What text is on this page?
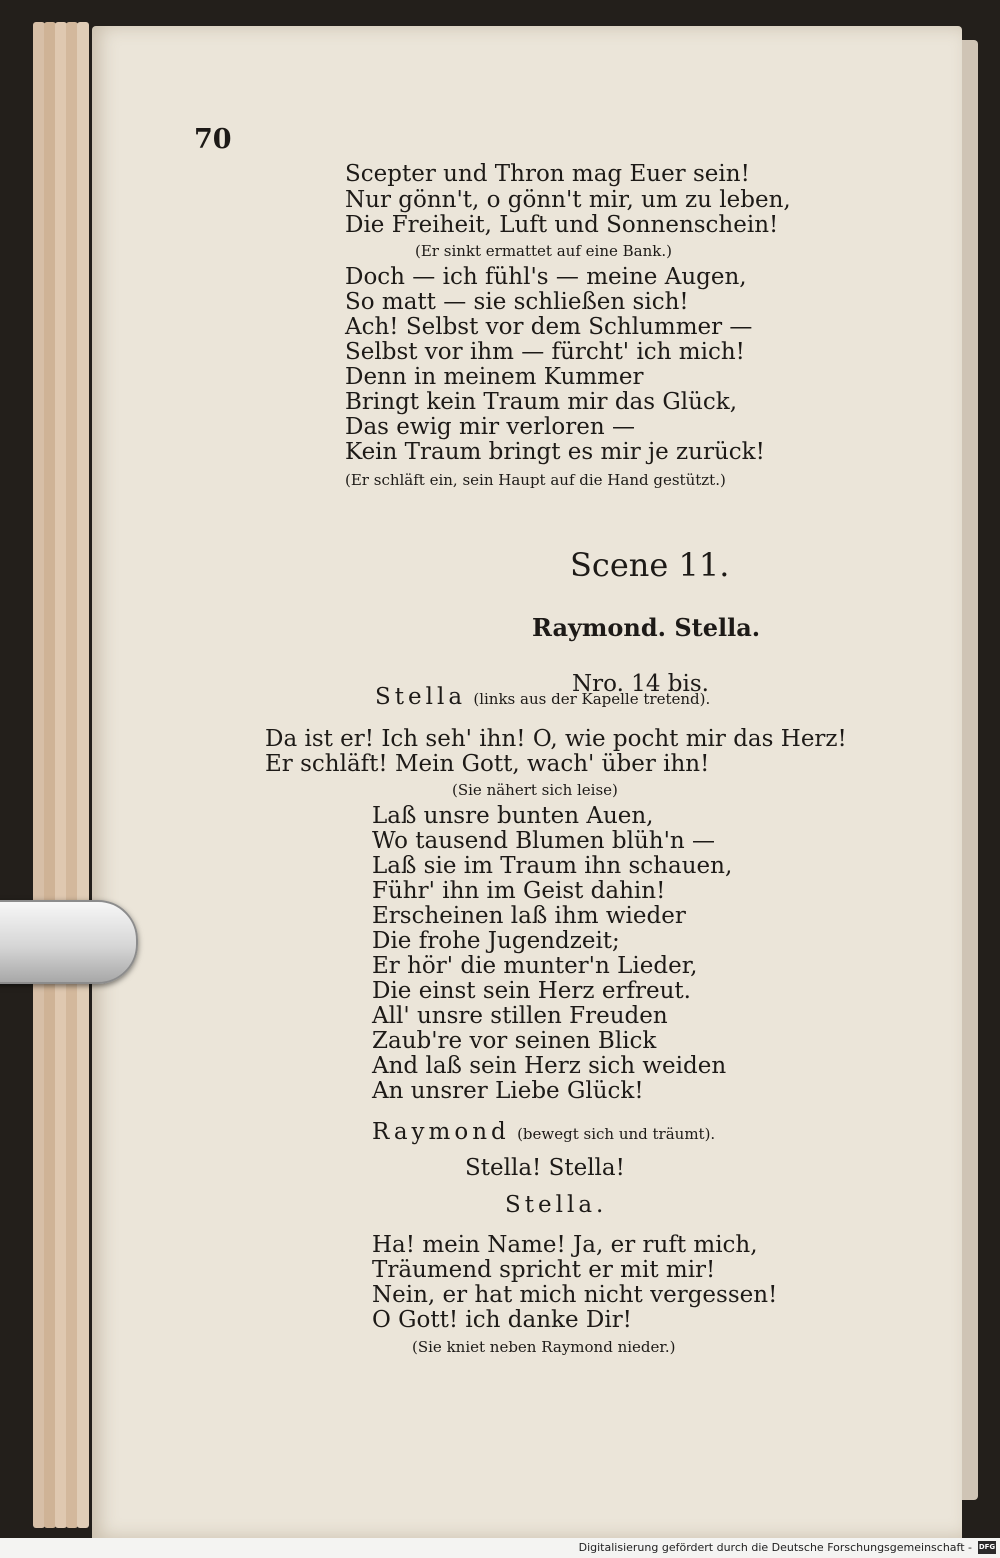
70
Scepter und Thron mag Euer sein!
Nur gönn't, o gönn't mir, um zu leben,
Die Freiheit, Luft und Sonnenschein!
(Er sinkt ermattet auf eine Bank.)
Doch — ich fühl's — meine Augen,
So matt — sie schließen sich!
Ach! Selbst vor dem Schlummer —
Selbst vor ihm — fürcht' ich mich!
Denn in meinem Kummer
Bringt kein Traum mir das Glück,
Das ewig mir verloren —
Kein Traum bringt es mir je zurück!
(Er schläft ein, sein Haupt auf die Hand gestützt.)
Scene 11.
Raymond. Stella.
Nro. 14 bis.
Stella (links aus der Kapelle tretend).
Da ist er! Ich seh' ihn! O, wie pocht mir das Herz!
Er schläft! Mein Gott, wach' über ihn!
(Sie nähert sich leise)
Laß unsre bunten Auen,
Wo tausend Blumen blüh'n —
Laß sie im Traum ihn schauen,
Führ' ihn im Geist dahin!
Erscheinen laß ihm wieder
Die frohe Jugendzeit;
Er hör' die munter'n Lieder,
Die einst sein Herz erfreut.
All' unsre stillen Freuden
Zaub're vor seinen Blick
And laß sein Herz sich weiden
An unsrer Liebe Glück!
Raymond (bewegt sich und träumt).
Stella! Stella!
Stella.
Ha! mein Name! Ja, er ruft mich,
Träumend spricht er mit mir!
Nein, er hat mich nicht vergessen!
O Gott! ich danke Dir!
(Sie kniet neben Raymond nieder.)
Digitalisierung gefördert durch die Deutsche Forschungsgemeinschaft - DFG
